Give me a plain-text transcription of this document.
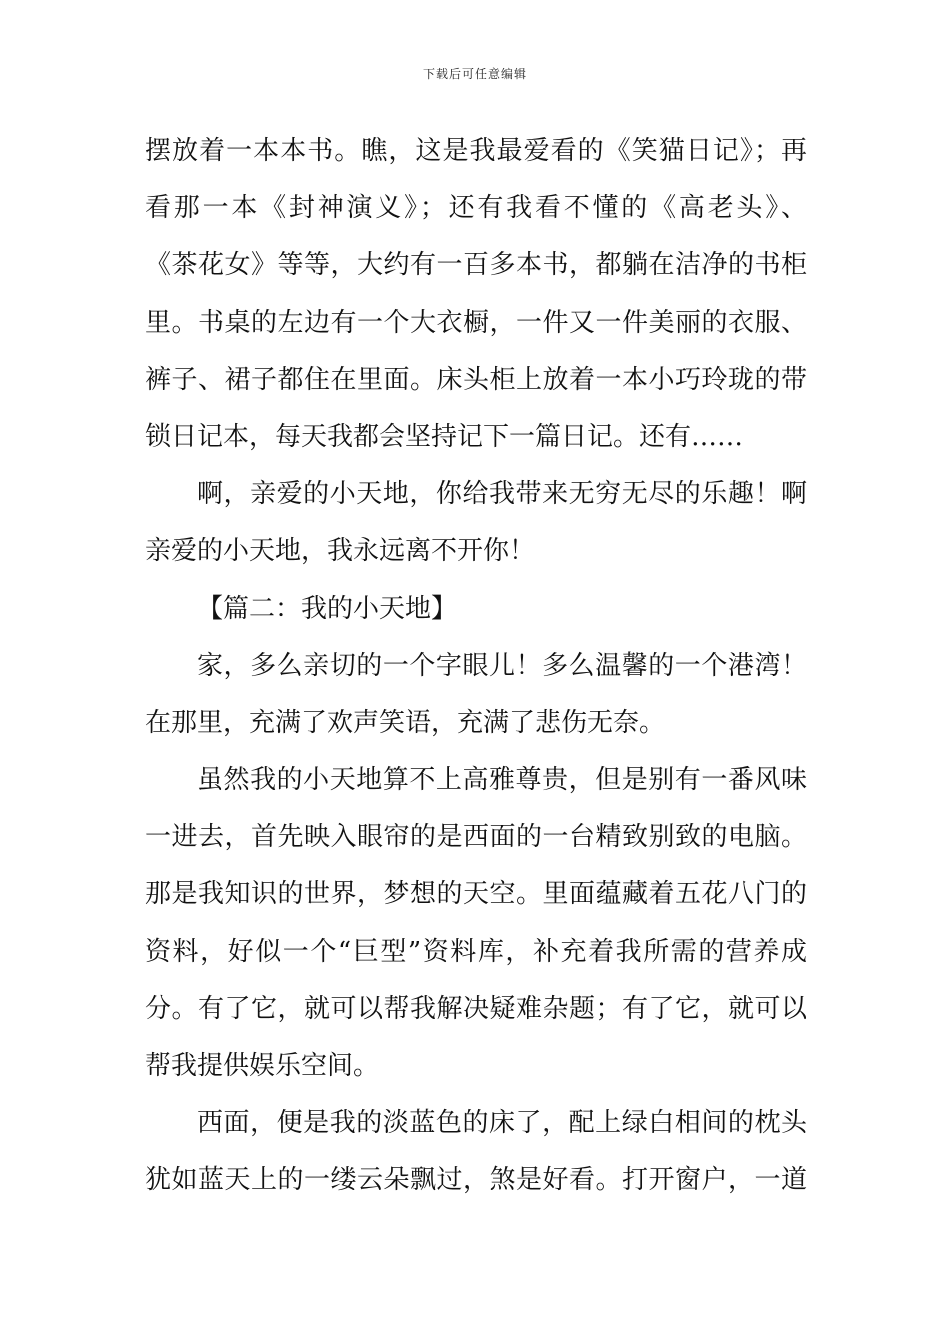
下载后可任意编辑
摆放着一本本书。瞧，这是我最爱看的《笑猫日记》；再
看那一本《封神演义》；还有我看不懂的《高老头》、
《茶花女》等等，大约有一百多本书，都躺在洁净的书柜
里。书桌的左边有一个大衣橱，一件又一件美丽的衣服、
裤子、裙子都住在里面。床头柜上放着一本小巧玲珑的带
锁日记本，每天我都会坚持记下一篇日记。还有……
啊，亲爱的小天地，你给我带来无穷无尽的乐趣！啊
亲爱的小天地，我永远离不开你！
【篇二：我的小天地】
家，多么亲切的一个字眼儿！多么温馨的一个港湾！
在那里，充满了欢声笑语，充满了悲伤无奈。
虽然我的小天地算不上高雅尊贵，但是别有一番风味
一进去，首先映入眼帘的是西面的一台精致别致的电脑。
那是我知识的世界，梦想的天空。里面蕴藏着五花八门的
资料，好似一个“巨型”资料库，补充着我所需的营养成
分。有了它，就可以帮我解决疑难杂题；有了它，就可以
帮我提供娱乐空间。
西面，便是我的淡蓝色的床了，配上绿白相间的枕头
犹如蓝天上的一缕云朵飘过，煞是好看。打开窗户，一道
